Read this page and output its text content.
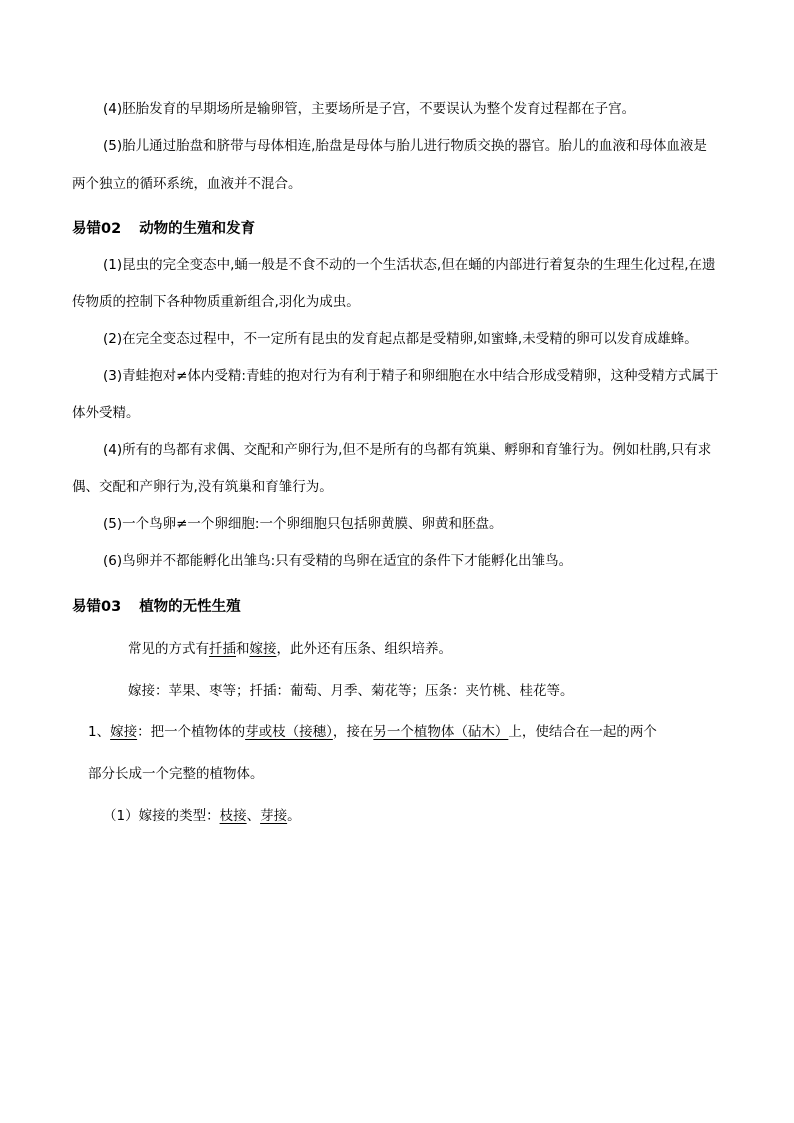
(4)胚胎发育的早期场所是输卵管，主要场所是子宫，不要误认为整个发育过程都在子宫。
(5)胎儿通过胎盘和脐带与母体相连,胎盘是母体与胎儿进行物质交换的器官。胎儿的血液和母体血液是
两个独立的循环系统，血液并不混合。
易错02 动物的生殖和发育
(1)昆虫的完全变态中,蛹一般是不食不动的一个生活状态,但在蛹的内部进行着复杂的生理生化过程,在遗
传物质的控制下各种物质重新组合,羽化为成虫。
(2)在完全变态过程中，不一定所有昆虫的发育起点都是受精卵,如蜜蜂,未受精的卵可以发育成雄蜂。
(3)青蛙抱对≠体内受精:青蛙的抱对行为有利于精子和卵细胞在水中结合形成受精卵，这种受精方式属于
体外受精。
(4)所有的鸟都有求偶、交配和产卵行为,但不是所有的鸟都有筑巢、孵卵和育雏行为。例如杜鹃,只有求
偶、交配和产卵行为,没有筑巢和育雏行为。
(5)一个鸟卵≠一个卵细胞:一个卵细胞只包括卵黄膜、卵黄和胚盘。
(6)鸟卵并不都能孵化出雏鸟:只有受精的鸟卵在适宜的条件下才能孵化出雏鸟。
易错03 植物的无性生殖
常见的方式有扦插和嫁接，此外还有压条、组织培养。
嫁接：苹果、枣等；扦插：葡萄、月季、菊花等；压条：夹竹桃、桂花等。
1、嫁接：把一个植物体的芽或枝（接穗），接在另一个植物体（砧木）上，使结合在一起的两个
部分长成一个完整的植物体。
（1）嫁接的类型：枝接、芽接。
